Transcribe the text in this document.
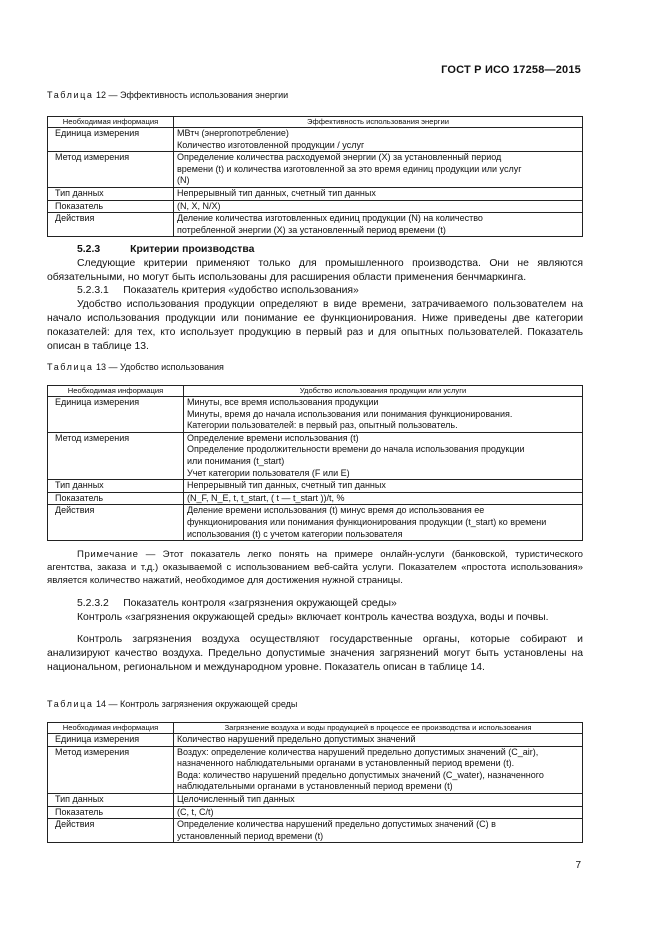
ГОСТ Р ИСО 17258—2015
Таблица 12 — Эффективность использования энергии
Необходимая информация	Эффективность использования энергии
Единица измерения	МВтч (энергопотребление)
Количество изготовленной продукции / услуг

Метод измерения	Определение количества расходуемой энергии (X) за установленный период
времени (t) и количества изготовленной за это время единиц продукции или услуг
(N)

Тип данных	Непрерывный тип данных, счетный тип данных

Показатель	(N, X, N/X)

Действия	Деление количества изготовленных единиц продукции (N) на количество
потребленной энергии (X) за установленный период времени (t)
5.2.3	Критерии производства
Следующие критерии применяют только для промышленного производства. Они не являются обязательными, но могут быть использованы для расширения области применения бенчмаркинга.
5.2.3.1     Показатель критерия «удобство использования»
Удобство использования продукции определяют в виде времени, затрачиваемого пользователем на начало использования продукции или понимание ее функционирования. Ниже приведены две категории показателей: для тех, кто использует продукцию в первый раз и для опытных пользователей. Показатель описан в таблице 13.
Таблица 13 — Удобство использования
Необходимая информация	Удобство использования продукции или услуги
Единица измерения	Минуты, все время использования продукции
Минуты, время до начала использования или понимания функционирования.
Категории пользователей: в первый раз, опытный пользователь.

Метод измерения	Определение времени использования (t)
Определение продолжительности времени до начала использования продукции
или понимания (t_start)
Учет категории пользователя (F или E)

Тип данных	Непрерывный тип данных, счетный тип данных

Показатель	(N_F, N_E, t, t_start, ( t — t_start ))/t, %

Действия	Деление времени использования (t) минус время до использования ее
функционирования или понимания функционирования продукции (t_start) ко времени
использования (t) с учетом категории пользователя
Примечание — Этот показатель легко понять на примере онлайн-услуги (банковской, туристического агентства, заказа и т.д.) оказываемой с использованием веб-сайта услуги. Показателем «простота использования» является количество нажатий, необходимое для достижения нужной страницы.
5.2.3.2     Показатель контроля «загрязнения окружающей среды»
Контроль «загрязнения окружающей среды» включает контроль качества воздуха, воды и почвы.
Контроль загрязнения воздуха осуществляют государственные органы, которые собирают и анализируют качество воздуха. Предельно допустимые значения загрязнений могут быть установлены на национальном, региональном и международном уровне. Показатель описан в таблице 14.
Таблица 14 — Контроль загрязнения окружающей среды
Необходимая информация	Загрязнение воздуха и воды продукцией в процессе ее производства и использования
Единица измерения	Количество нарушений предельно допустимых значений

Метод измерения	Воздух: определение количества нарушений предельно допустимых значений (C_air),
назначенного наблюдательными органами в установленный период времени (t).
Вода: количество нарушений предельно допустимых значений (C_water), назначенного
наблюдательными органами в установленный период времени (t)

Тип данных	Целочисленный тип данных

Показатель	(C, t, C/t)

Действия	Определение количества нарушений предельно допустимых значений (C) в
установленный период времени (t)
7
